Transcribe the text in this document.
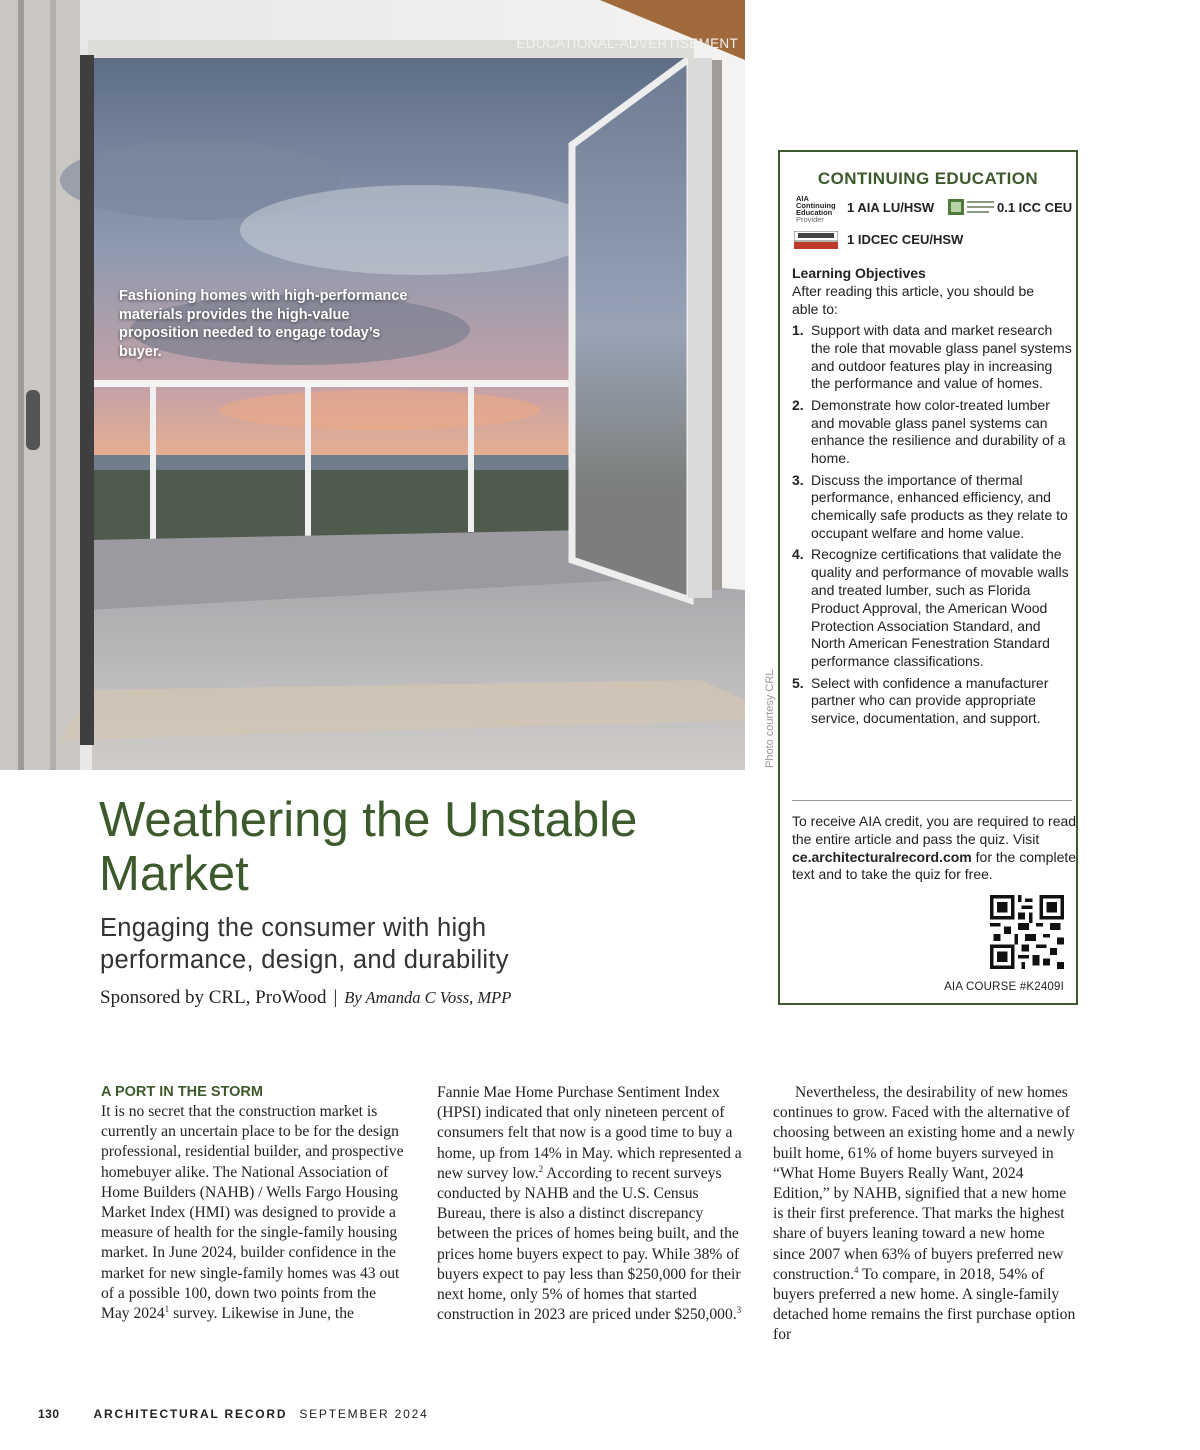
EDUCATIONAL-ADVERTISEMENT
Fashioning homes with high-performance materials provides the high-value proposition needed to engage today’s buyer.
Photo courtesy CRL
CONTINUING EDUCATION
AIA
Continuing
Education
Provider
1 AIA LU/HSW	0.1 ICC CEU
1 IDCEC CEU/HSW
Learning Objectives
After reading this article, you should be able to:
1. Support with data and market research the role that movable glass panel systems and outdoor features play in increasing the performance and value of homes.
2. Demonstrate how color-treated lumber and movable glass panel systems can enhance the resilience and durability of a home.
3. Discuss the importance of thermal performance, enhanced efficiency, and chemically safe products as they relate to occupant welfare and home value.
4. Recognize certifications that validate the quality and performance of movable walls and treated lumber, such as Florida Product Approval, the American Wood Protection Association Standard, and North American Fenestration Standard performance classifications.
5. Select with confidence a manufacturer partner who can provide appropriate service, documentation, and support.
To receive AIA credit, you are required to read the entire article and pass the quiz. Visit ce.architecturalrecord.com for the complete text and to take the quiz for free.
AIA COURSE #K2409I
Weathering the Unstable Market
Engaging the consumer with high performance, design, and durability
Sponsored by CRL, ProWood | By Amanda C Voss, MPP

A PORT IN THE STORM

It is no secret that the construction market is currently an uncertain place to be for the design professional, residential builder, and prospective homebuyer alike. The National Association of Home Builders (NAHB) / Wells Fargo Housing Market Index (HMI) was designed to provide a measure of health for the single-family housing market. In June 2024, builder confidence in the market for new single-family homes was 43 out of a possible 100, down two points from the May 2024$^1$ survey. Likewise in June, the

Fannie Mae Home Purchase Sentiment Index (HPSI) indicated that only nineteen percent of consumers felt that now is a good time to buy a home, up from 14% in May. which represented a new survey low.$^2$ According to recent surveys conducted by NAHB and the U.S. Census Bureau, there is also a distinct discrepancy between the prices of homes being built, and the prices home buyers expect to pay. While 38% of buyers expect to pay less than $250,000 for their next home, only 5% of homes that started construction in 2023 are priced under $250,000.$^3$

Nevertheless, the desirability of new homes continues to grow. Faced with the alternative of choosing between an existing home and a newly built home, 61% of home buyers surveyed in “What Home Buyers Really Want, 2024 Edition,” by NAHB, signified that a new home is their first preference. That marks the highest share of buyers leaning toward a new home since 2007 when 63% of buyers preferred new construction.$^4$ To compare, in 2018, 54% of buyers preferred a new home. A single-family detached home remains the first purchase option for

130	ARCHITECTURAL RECORD SEPTEMBER 2024
